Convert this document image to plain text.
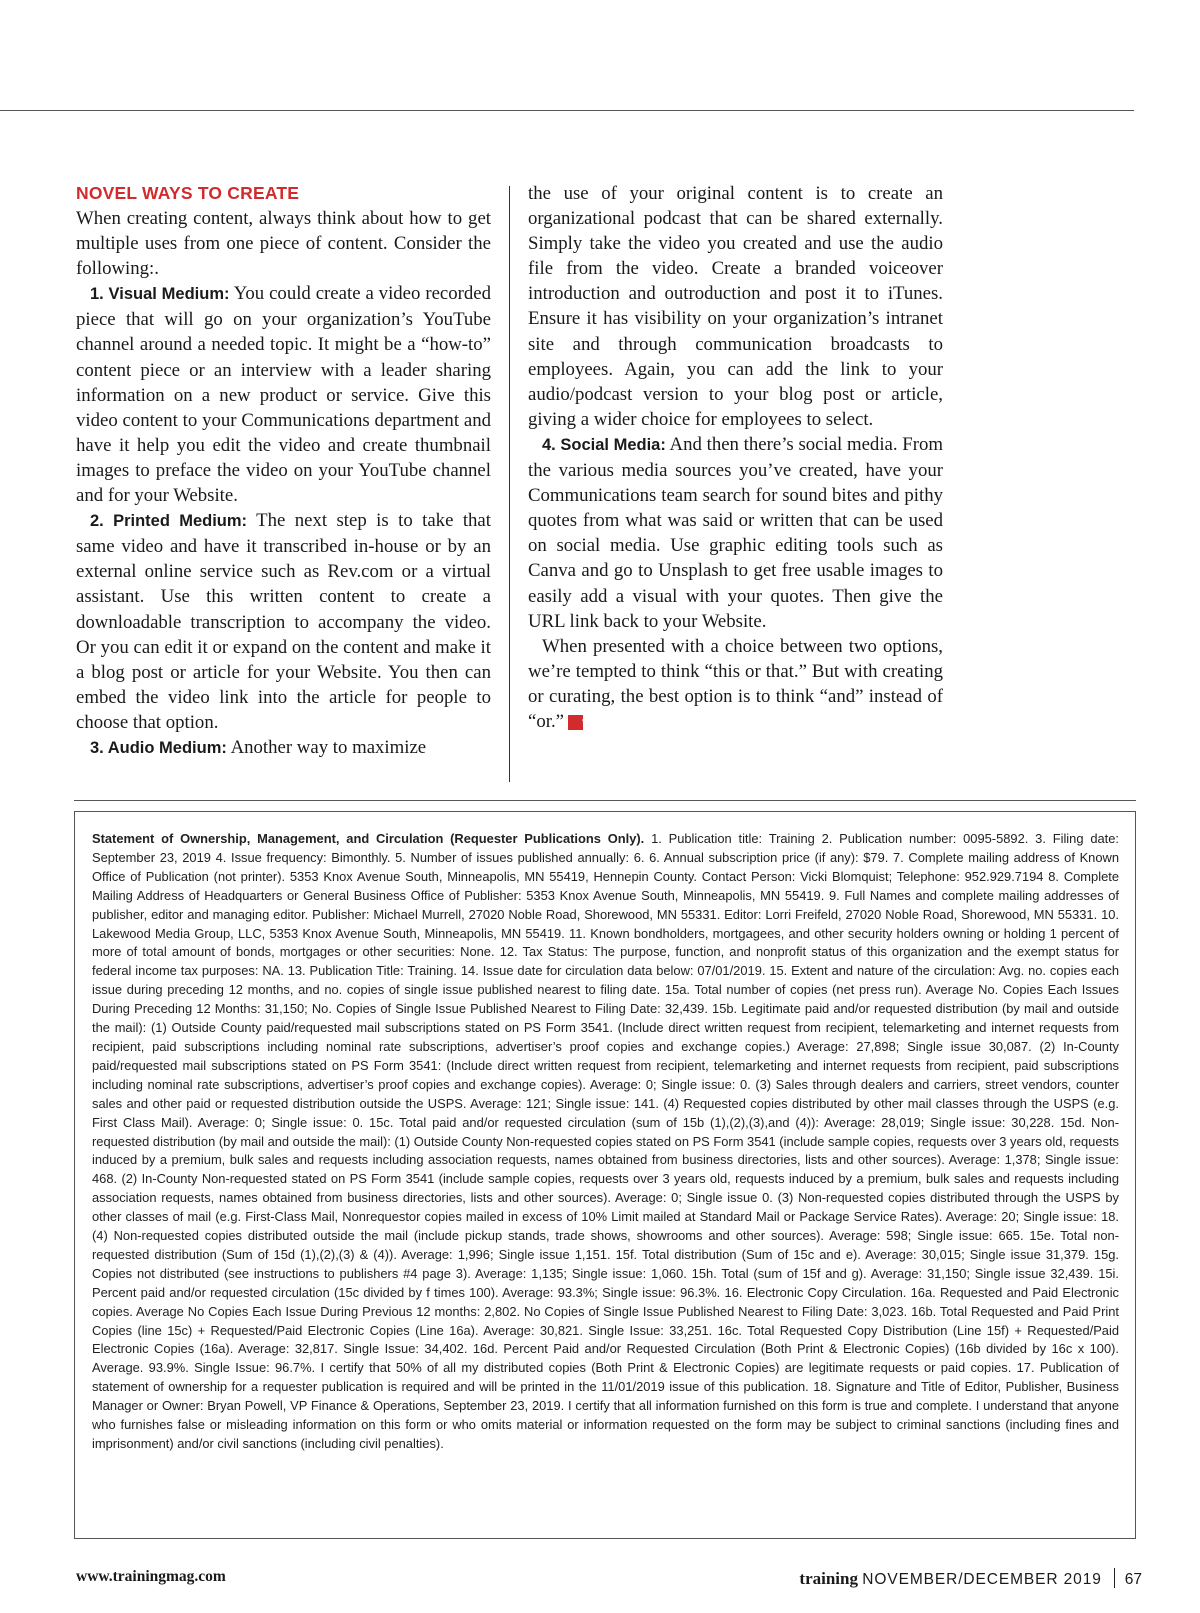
NOVEL WAYS TO CREATE

When creating content, always think about how to get multiple uses from one piece of content. Consider the following:.

1. Visual Medium: You could create a video recorded piece that will go on your organization’s YouTube channel around a needed topic. It might be a “how-to” content piece or an interview with a leader sharing information on a new product or service. Give this video content to your Communications department and have it help you edit the video and create thumbnail images to preface the video on your YouTube channel and for your Website.

2. Printed Medium: The next step is to take that same video and have it transcribed in-house or by an external online service such as Rev.com or a virtual assistant. Use this written content to create a downloadable transcription to accompany the video. Or you can edit it or expand on the content and make it a blog post or article for your Website. You then can embed the video link into the article for people to choose that option.

3. Audio Medium: Another way to maximize

the use of your original content is to create an organizational podcast that can be shared externally. Simply take the video you created and use the audio file from the video. Create a branded voiceover introduction and outroduction and post it to iTunes. Ensure it has visibility on your organization’s intranet site and through communication broadcasts to employees. Again, you can add the link to your audio/podcast version to your blog post or article, giving a wider choice for employees to select.

4. Social Media: And then there’s social media. From the various media sources you’ve created, have your Communications team search for sound bites and pithy quotes from what was said or written that can be used on social media. Use graphic editing tools such as Canva and go to Unsplash to get free usable images to easily add a visual with your quotes. Then give the URL link back to your Website.

When presented with a choice between two options, we’re tempted to think “this or that.” But with creating or curating, the best option is to think “and” instead of “or.” t

Statement of Ownership, Management, and Circulation (Requester Publications Only). 1. Publication title: Training 2. Publication number: 0095-5892. 3. Filing date: September 23, 2019 4. Issue frequency: Bimonthly. 5. Number of issues published annually: 6. 6. Annual subscription price (if any): $79. 7. Complete mailing address of Known Office of Publication (not printer). 5353 Knox Avenue South, Minneapolis, MN 55419, Hennepin County. Contact Person: Vicki Blomquist; Telephone: 952.929.7194 8. Complete Mailing Address of Headquarters or General Business Office of Publisher: 5353 Knox Avenue South, Minneapolis, MN 55419. 9. Full Names and complete mailing addresses of publisher, editor and managing editor. Publisher: Michael Murrell, 27020 Noble Road, Shorewood, MN 55331. Editor: Lorri Freifeld, 27020 Noble Road, Shorewood, MN 55331. 10. Lakewood Media Group, LLC, 5353 Knox Avenue South, Minneapolis, MN 55419. 11. Known bondholders, mortgagees, and other security holders owning or holding 1 percent of more of total amount of bonds, mortgages or other securities: None. 12. Tax Status: The purpose, function, and nonprofit status of this organization and the exempt status for federal income tax purposes: NA. 13. Publication Title: Training. 14. Issue date for circulation data below: 07/01/2019. 15. Extent and nature of the circulation: Avg. no. copies each issue during preceding 12 months, and no. copies of single issue published nearest to filing date. 15a. Total number of copies (net press run). Average No. Copies Each Issues During Preceding 12 Months: 31,150; No. Copies of Single Issue Published Nearest to Filing Date: 32,439. 15b. Legitimate paid and/or requested distribution (by mail and outside the mail): (1) Outside County paid/requested mail subscriptions stated on PS Form 3541. (Include direct written request from recipient, telemarketing and internet requests from recipient, paid subscriptions including nominal rate subscriptions, advertiser’s proof copies and exchange copies.) Average: 27,898; Single issue 30,087. (2) In-County paid/requested mail subscriptions stated on PS Form 3541: (Include direct written request from recipient, telemarketing and internet requests from recipient, paid subscriptions including nominal rate subscriptions, advertiser’s proof copies and exchange copies). Average: 0; Single issue: 0. (3) Sales through dealers and carriers, street vendors, counter sales and other paid or requested distribution outside the USPS. Average: 121; Single issue: 141. (4) Requested copies distributed by other mail classes through the USPS (e.g. First Class Mail). Average: 0; Single issue: 0. 15c. Total paid and/or requested circulation (sum of 15b (1),(2),(3),and (4)): Average: 28,019; Single issue: 30,228. 15d. Non-requested distribution (by mail and outside the mail): (1) Outside County Non-requested copies stated on PS Form 3541 (include sample copies, requests over 3 years old, requests induced by a premium, bulk sales and requests including association requests, names obtained from business directories, lists and other sources). Average: 1,378; Single issue: 468. (2) In-County Non-requested stated on PS Form 3541 (include sample copies, requests over 3 years old, requests induced by a premium, bulk sales and requests including association requests, names obtained from business directories, lists and other sources). Average: 0; Single issue 0. (3) Non-requested copies distributed through the USPS by other classes of mail (e.g. First-Class Mail, Nonrequestor copies mailed in excess of 10% Limit mailed at Standard Mail or Package Service Rates). Average: 20; Single issue: 18.(4) Non-requested copies distributed outside the mail (include pickup stands, trade shows, showrooms and other sources). Average: 598; Single issue: 665. 15e. Total non-requested distribution (Sum of 15d (1),(2),(3) & (4)). Average: 1,996; Single issue 1,151. 15f. Total distribution (Sum of 15c and e). Average: 30,015; Single issue 31,379. 15g. Copies not distributed (see instructions to publishers #4 page 3). Average: 1,135; Single issue: 1,060. 15h. Total (sum of 15f and g). Average: 31,150; Single issue 32,439. 15i. Percent paid and/or requested circulation (15c divided by f times 100). Average: 93.3%; Single issue: 96.3%. 16. Electronic Copy Circulation. 16a. Requested and Paid Electronic copies. Average No Copies Each Issue During Previous 12 months: 2,802. No Copies of Single Issue Published Nearest to Filing Date: 3,023. 16b. Total Requested and Paid Print Copies (line 15c) + Requested/Paid Electronic Copies (Line 16a). Average: 30,821. Single Issue: 33,251. 16c. Total Requested Copy Distribution (Line 15f) + Requested/Paid Electronic Copies (16a). Average: 32,817. Single Issue: 34,402. 16d. Percent Paid and/or Requested Circulation (Both Print & Electronic Copies) (16b divided by 16c x 100). Average. 93.9%. Single Issue: 96.7%. I certify that 50% of all my distributed copies (Both Print & Electronic Copies) are legitimate requests or paid copies. 17. Publication of statement of ownership for a requester publication is required and will be printed in the 11/01/2019 issue of this publication. 18. Signature and Title of Editor, Publisher, Business Manager or Owner: Bryan Powell, VP Finance & Operations, September 23, 2019. I certify that all information furnished on this form is true and complete. I understand that anyone who furnishes false or misleading information on this form or who omits material or information requested on the form may be subject to criminal sanctions (including fines and imprisonment) and/or civil sanctions (including civil penalties).
www.trainingmag.com	training NOVEMBER/DECEMBER 2019 67
